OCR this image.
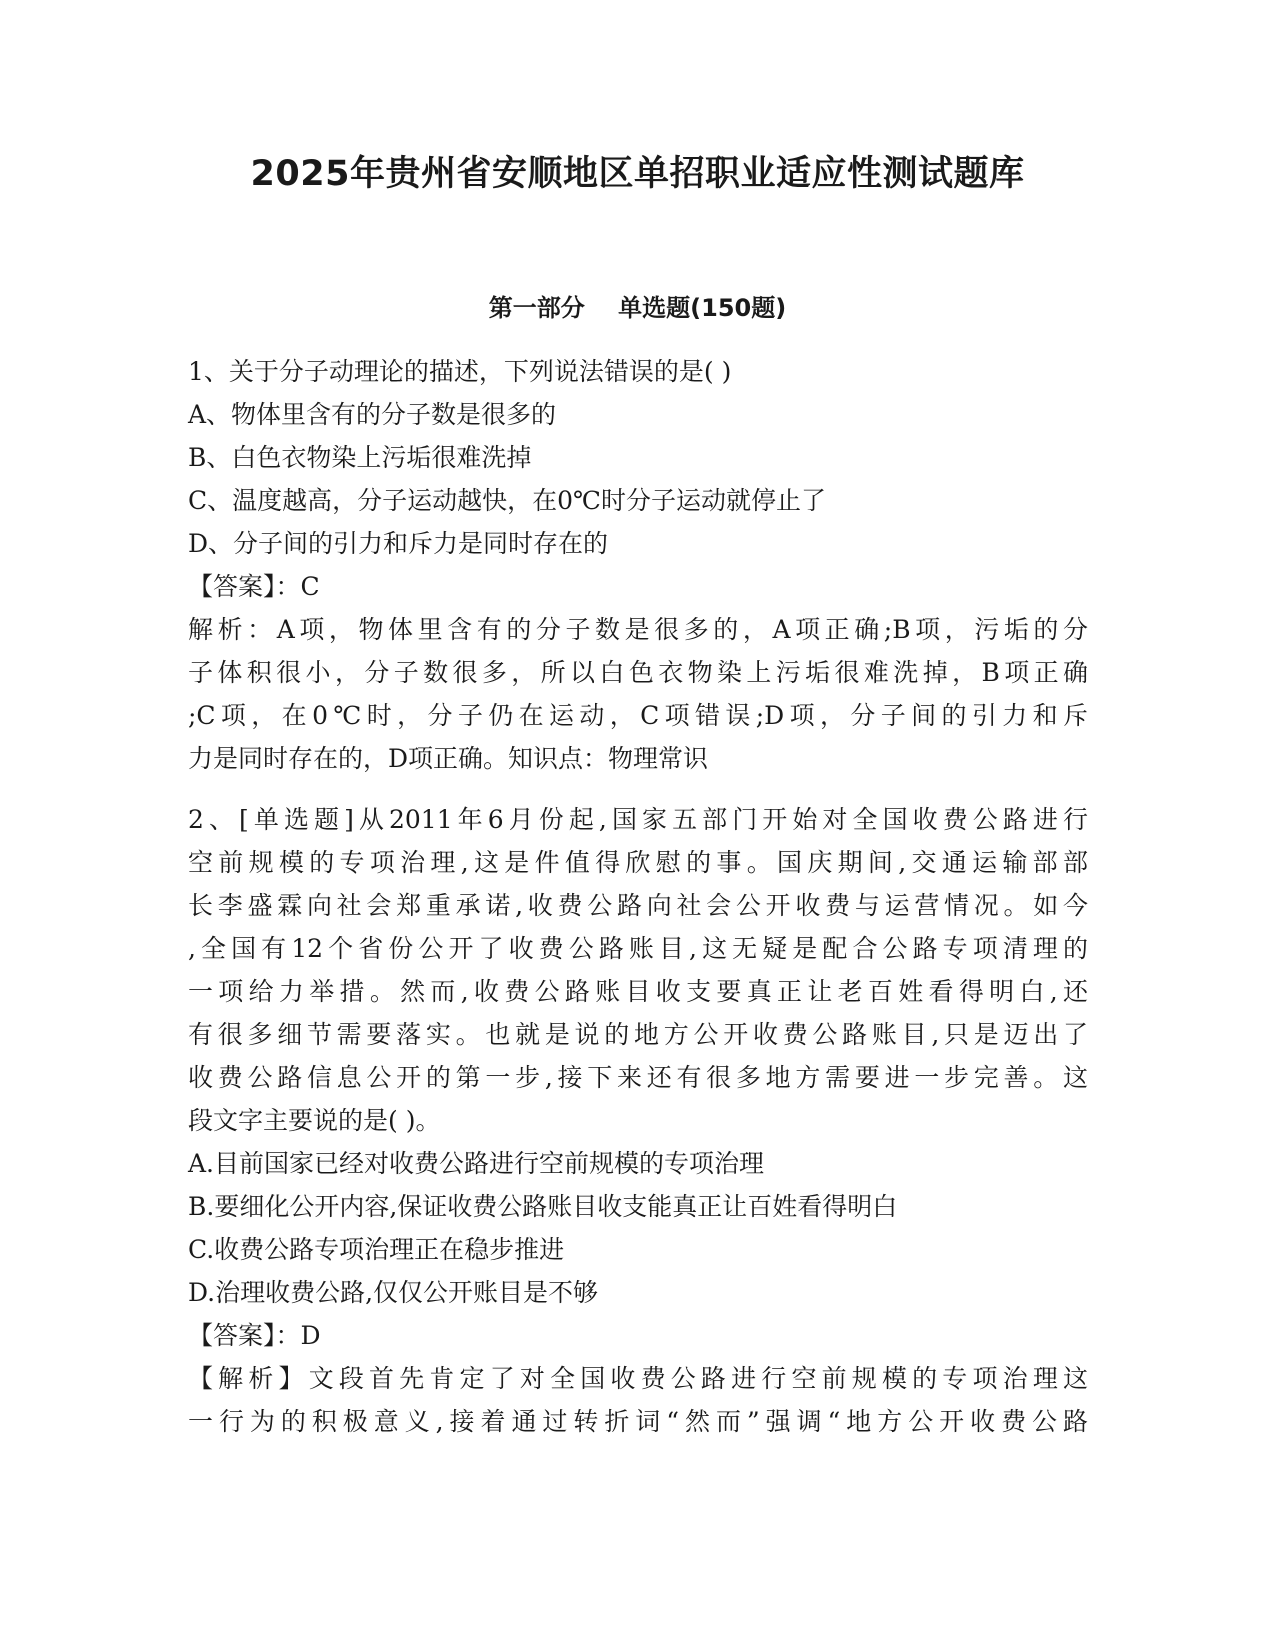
2025年贵州省安顺地区单招职业适应性测试题库
第一部分    单选题(150题)
1、关于分子动理论的描述，下列说法错误的是( )
A、物体里含有的分子数是很多的
B、白色衣物染上污垢很难洗掉
C、温度越高，分子运动越快，在0℃时分子运动就停止了
D、分子间的引力和斥力是同时存在的
【答案】：C
解析：A项，物体里含有的分子数是很多的，A项正确;B项，污垢的分
子体积很小，分子数很多，所以白色衣物染上污垢很难洗掉，B项正确
;C项，在0℃时，分子仍在运动，C项错误;D项，分子间的引力和斥
力是同时存在的，D项正确。知识点：物理常识
2、[单选题]从2011年6月份起,国家五部门开始对全国收费公路进行
空前规模的专项治理,这是件值得欣慰的事。国庆期间,交通运输部部
长李盛霖向社会郑重承诺,收费公路向社会公开收费与运营情况。如今
,全国有12个省份公开了收费公路账目,这无疑是配合公路专项清理的
一项给力举措。然而,收费公路账目收支要真正让老百姓看得明白,还
有很多细节需要落实。也就是说的地方公开收费公路账目,只是迈出了
收费公路信息公开的第一步,接下来还有很多地方需要进一步完善。这
段文字主要说的是( )。
A.目前国家已经对收费公路进行空前规模的专项治理
B.要细化公开内容,保证收费公路账目收支能真正让百姓看得明白
C.收费公路专项治理正在稳步推进
D.治理收费公路,仅仅公开账目是不够
【答案】：D
【解析】文段首先肯定了对全国收费公路进行空前规模的专项治理这
一行为的积极意义,接着通过转折词“然而”强调“地方公开收费公路
